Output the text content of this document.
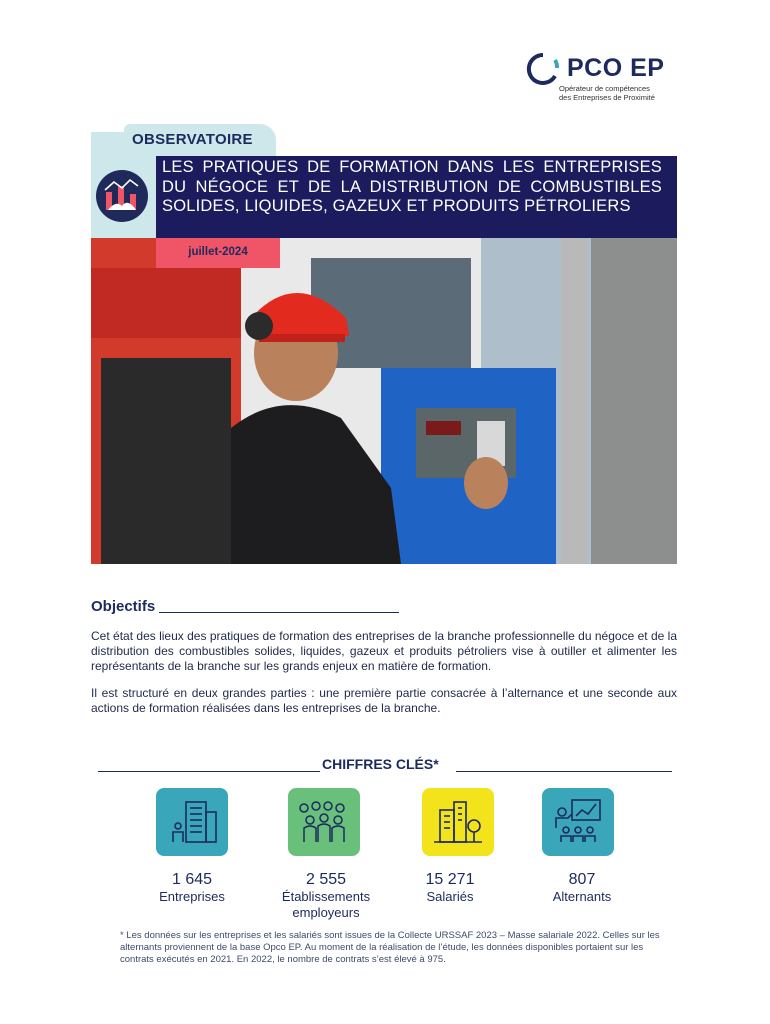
PCO EP
Opérateur de compétences
des Entreprises de Proximité
OBSERVATOIRE
LES PRATIQUES DE FORMATION DANS LES ENTREPRISES DU NÉGOCE ET DE LA DISTRIBUTION DE COMBUSTIBLES SOLIDES, LIQUIDES, GAZEUX ET PRODUITS PÉTROLIERS
juillet-2024
Objectifs
Cet état des lieux des pratiques de formation des entreprises de la branche professionnelle du négoce et de la distribution des combustibles solides, liquides, gazeux et produits pétroliers vise à outiller et alimenter les représentants de la branche sur les grands enjeux en matière de formation.
Il est structuré en deux grandes parties : une première partie consacrée à l’alternance et une seconde aux actions de formation réalisées dans les entreprises de la branche.
CHIFFRES CLÉS*
1 645
Entreprises
2 555
Établissements employeurs
15 271
Salariés
807
Alternants
* Les données sur les entreprises et les salariés sont issues de la Collecte URSSAF 2023 – Masse salariale 2022. Celles sur les alternants proviennent de la base Opco EP. Au moment de la réalisation de l’étude, les données disponibles portaient sur les contrats exécutés en 2021. En 2022, le nombre de contrats s’est élevé à 975.
